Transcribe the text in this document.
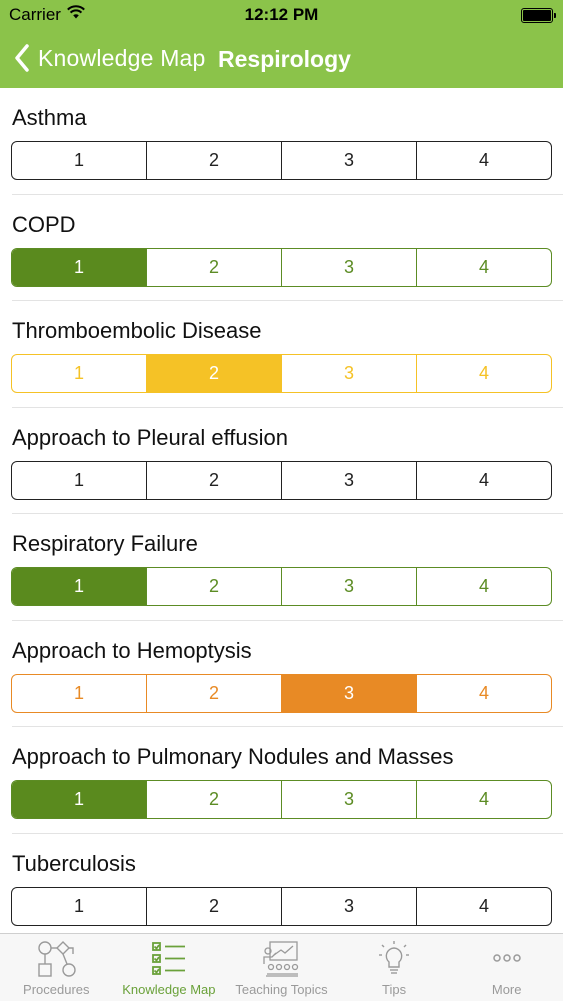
Carrier	12:12 PM
Knowledge Map Respirology
Asthma
1	2	3	4
COPD
1	2	3	4
Thromboembolic Disease
1	2	3	4
Approach to Pleural effusion
1	2	3	4
Respiratory Failure
1	2	3	4
Approach to Hemoptysis
1	2	3	4
Approach to Pulmonary Nodules and Masses
1	2	3	4
Tuberculosis
1	2	3	4
Procedures	Knowledge Map Teaching Topics	Tips	More
